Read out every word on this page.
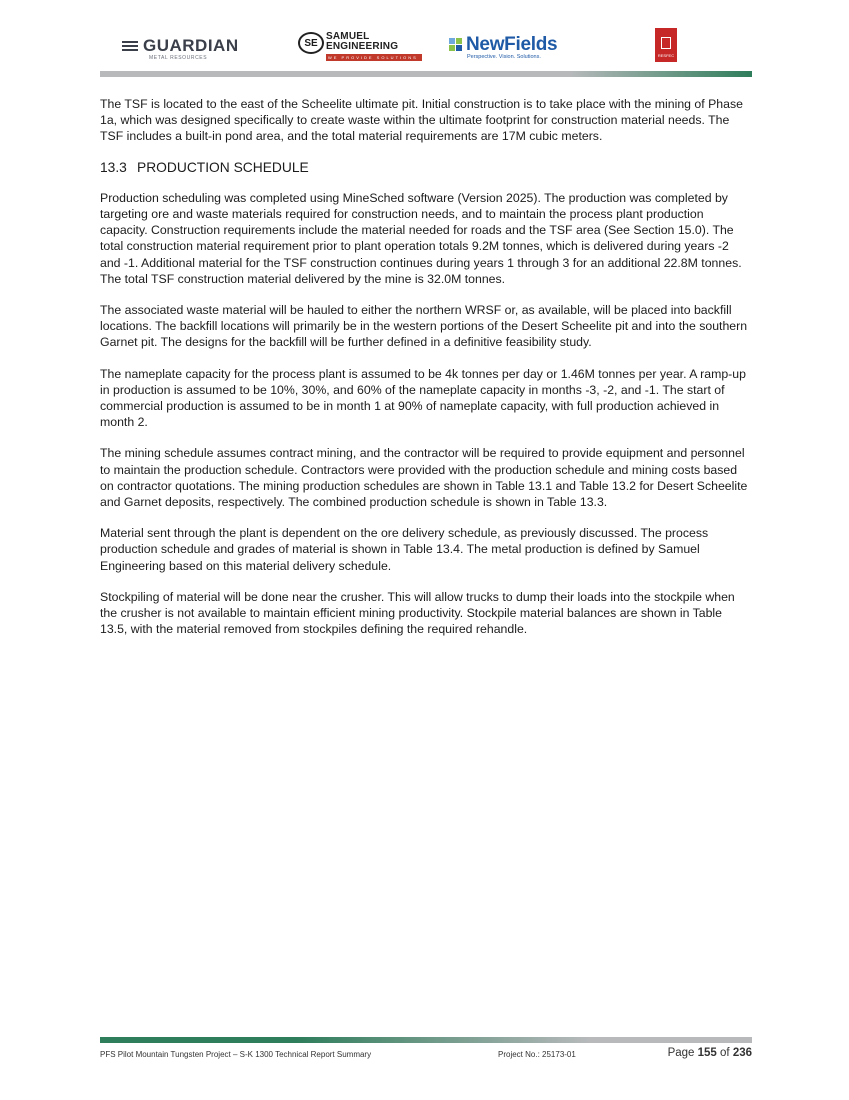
GUARDIAN
METAL RESOURCES
SE
SAMUEL
ENGINEERING
WE PROVIDE SOLUTIONS
NewFields
Perspective. Vision. Solutions.	RESFEC

The TSF is located to the east of the Scheelite ultimate pit. Initial construction is to take place with the mining of Phase 1a, which was designed specifically to create waste within the ultimate footprint for construction material needs. The TSF includes a built-in pond area, and the total material requirements are 17M cubic meters.

13.3 PRODUCTION SCHEDULE

Production scheduling was completed using MineSched software (Version 2025). The production was completed by targeting ore and waste materials required for construction needs, and to maintain the process plant production capacity. Construction requirements include the material needed for roads and the TSF area (See Section 15.0). The total construction material requirement prior to plant operation totals 9.2M tonnes, which is delivered during years -2 and -1. Additional material for the TSF construction continues during years 1 through 3 for an additional 22.8M tonnes. The total TSF construction material delivered by the mine is 32.0M tonnes.

The associated waste material will be hauled to either the northern WRSF or, as available, will be placed into backfill locations. The backfill locations will primarily be in the western portions of the Desert Scheelite pit and into the southern Garnet pit. The designs for the backfill will be further defined in a definitive feasibility study.

The nameplate capacity for the process plant is assumed to be 4k tonnes per day or 1.46M tonnes per year. A ramp-up in production is assumed to be 10%, 30%, and 60% of the nameplate capacity in months -3, -2, and -1. The start of commercial production is assumed to be in month 1 at 90% of nameplate capacity, with full production achieved in month 2.

The mining schedule assumes contract mining, and the contractor will be required to provide equipment and personnel to maintain the production schedule. Contractors were provided with the production schedule and mining costs based on contractor quotations. The mining production schedules are shown in Table 13.1 and Table 13.2 for Desert Scheelite and Garnet deposits, respectively. The combined production schedule is shown in Table 13.3.

Material sent through the plant is dependent on the ore delivery schedule, as previously discussed. The process production schedule and grades of material is shown in Table 13.4. The metal production is defined by Samuel Engineering based on this material delivery schedule.

Stockpiling of material will be done near the crusher. This will allow trucks to dump their loads into the stockpile when the crusher is not available to maintain efficient mining productivity. Stockpile material balances are shown in Table 13.5, with the material removed from stockpiles defining the required rehandle.

PFS Pilot Mountain Tungsten Project – S-K 1300 Technical Report Summary	Project No.: 25173-01	Page 155 of 236
